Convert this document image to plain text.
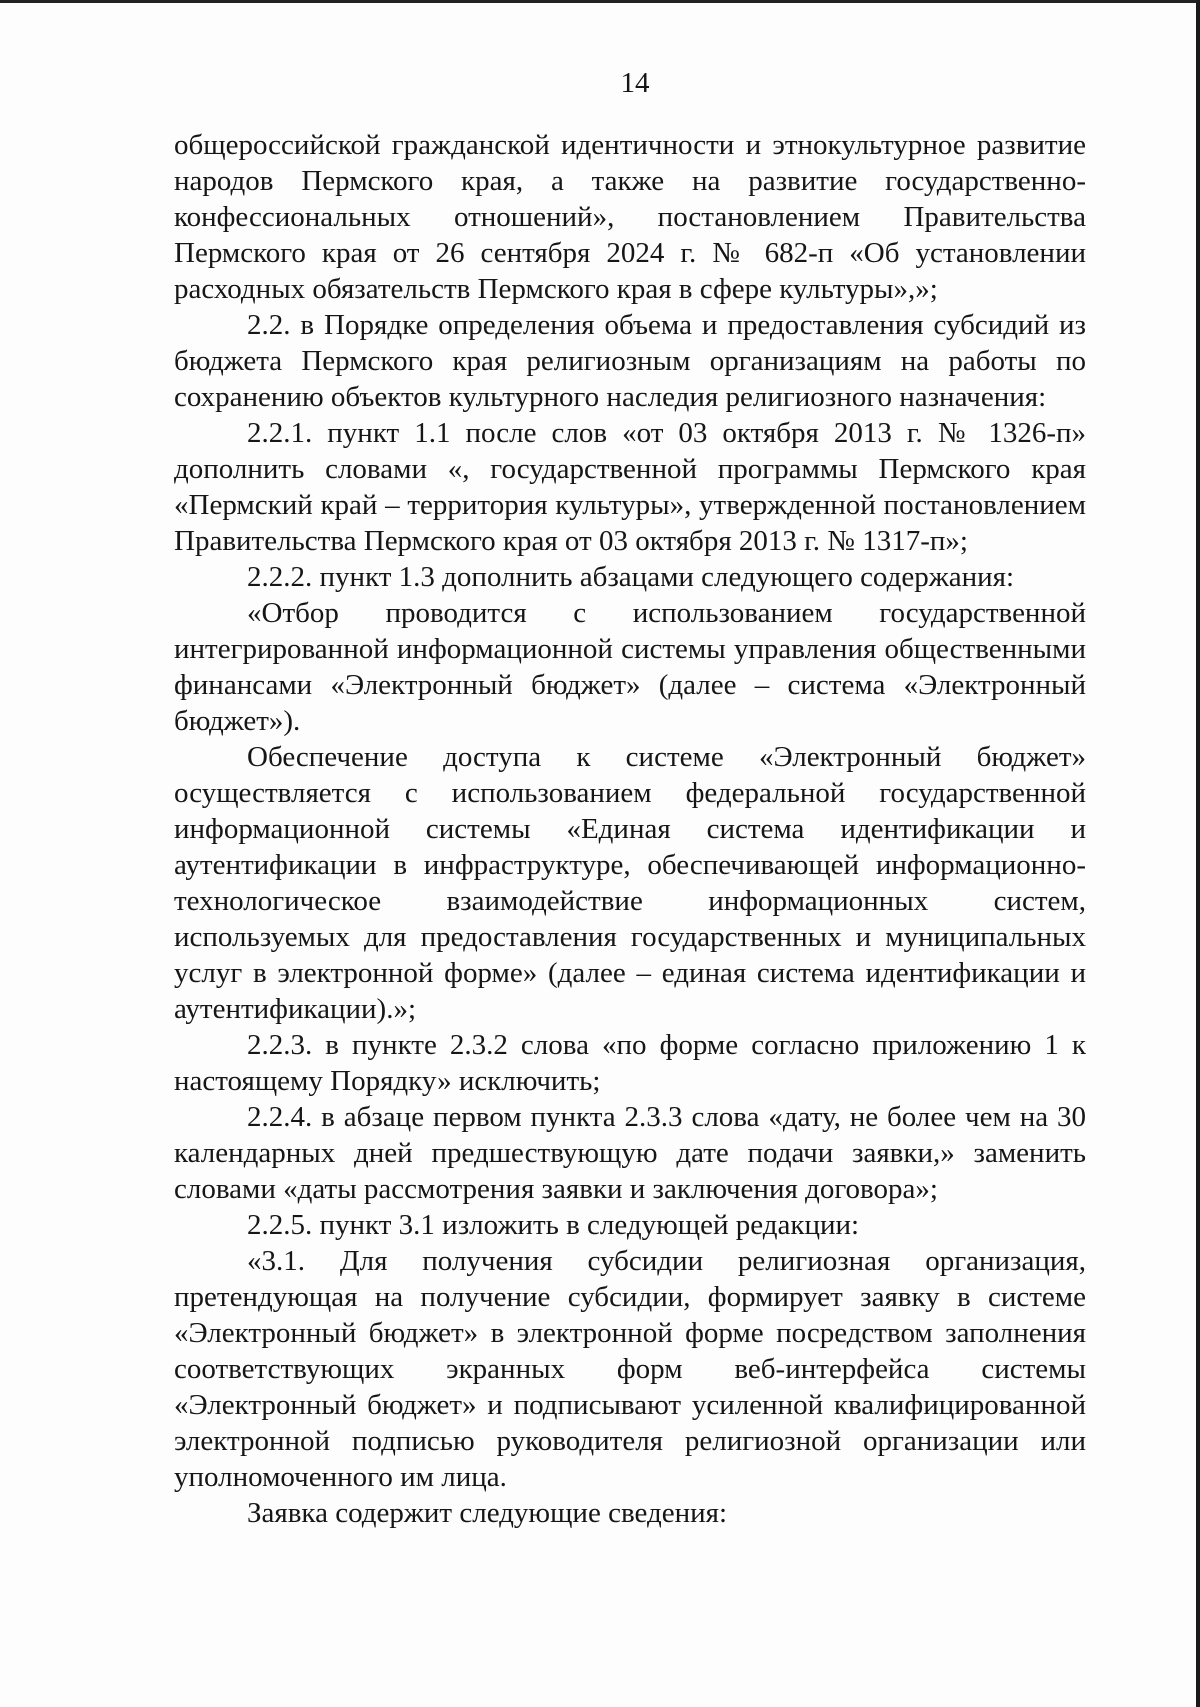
14

общероссийской гражданской идентичности и этнокультурное развитие народов Пермского края, а также на развитие государственно-конфессиональных отношений», постановлением Правительства Пермского края от 26 сентября 2024 г. № 682-п «Об установлении расходных обязательств Пермского края в сфере культуры»,»;

2.2. в Порядке определения объема и предоставления субсидий из бюджета Пермского края религиозным организациям на работы по сохранению объектов культурного наследия религиозного назначения:

2.2.1. пункт 1.1 после слов «от 03 октября 2013 г. № 1326-п» дополнить словами «, государственной программы Пермского края «Пермский край – территория культуры», утвержденной постановлением Правительства Пермского края от 03 октября 2013 г. № 1317-п»;

2.2.2. пункт 1.3 дополнить абзацами следующего содержания:

«Отбор проводится с использованием государственной интегрированной информационной системы управления общественными финансами «Электронный бюджет» (далее – система «Электронный бюджет»).

Обеспечение доступа к системе «Электронный бюджет» осуществляется с использованием федеральной государственной информационной системы «Единая система идентификации и аутентификации в инфраструктуре, обеспечивающей информационно-технологическое взаимодействие информационных систем, используемых для предоставления государственных и муниципальных услуг в электронной форме» (далее – единая система идентификации и аутентификации).»;

2.2.3. в пункте 2.3.2 слова «по форме согласно приложению 1 к настоящему Порядку» исключить;

2.2.4. в абзаце первом пункта 2.3.3 слова «дату, не более чем на 30 календарных дней предшествующую дате подачи заявки,» заменить словами «даты рассмотрения заявки и заключения договора»;

2.2.5. пункт 3.1 изложить в следующей редакции:

«3.1. Для получения субсидии религиозная организация, претендующая на получение субсидии, формирует заявку в системе «Электронный бюджет» в электронной форме посредством заполнения соответствующих экранных форм веб-интерфейса системы «Электронный бюджет» и подписывают усиленной квалифицированной электронной подписью руководителя религиозной организации или уполномоченного им лица.

Заявка содержит следующие сведения:
